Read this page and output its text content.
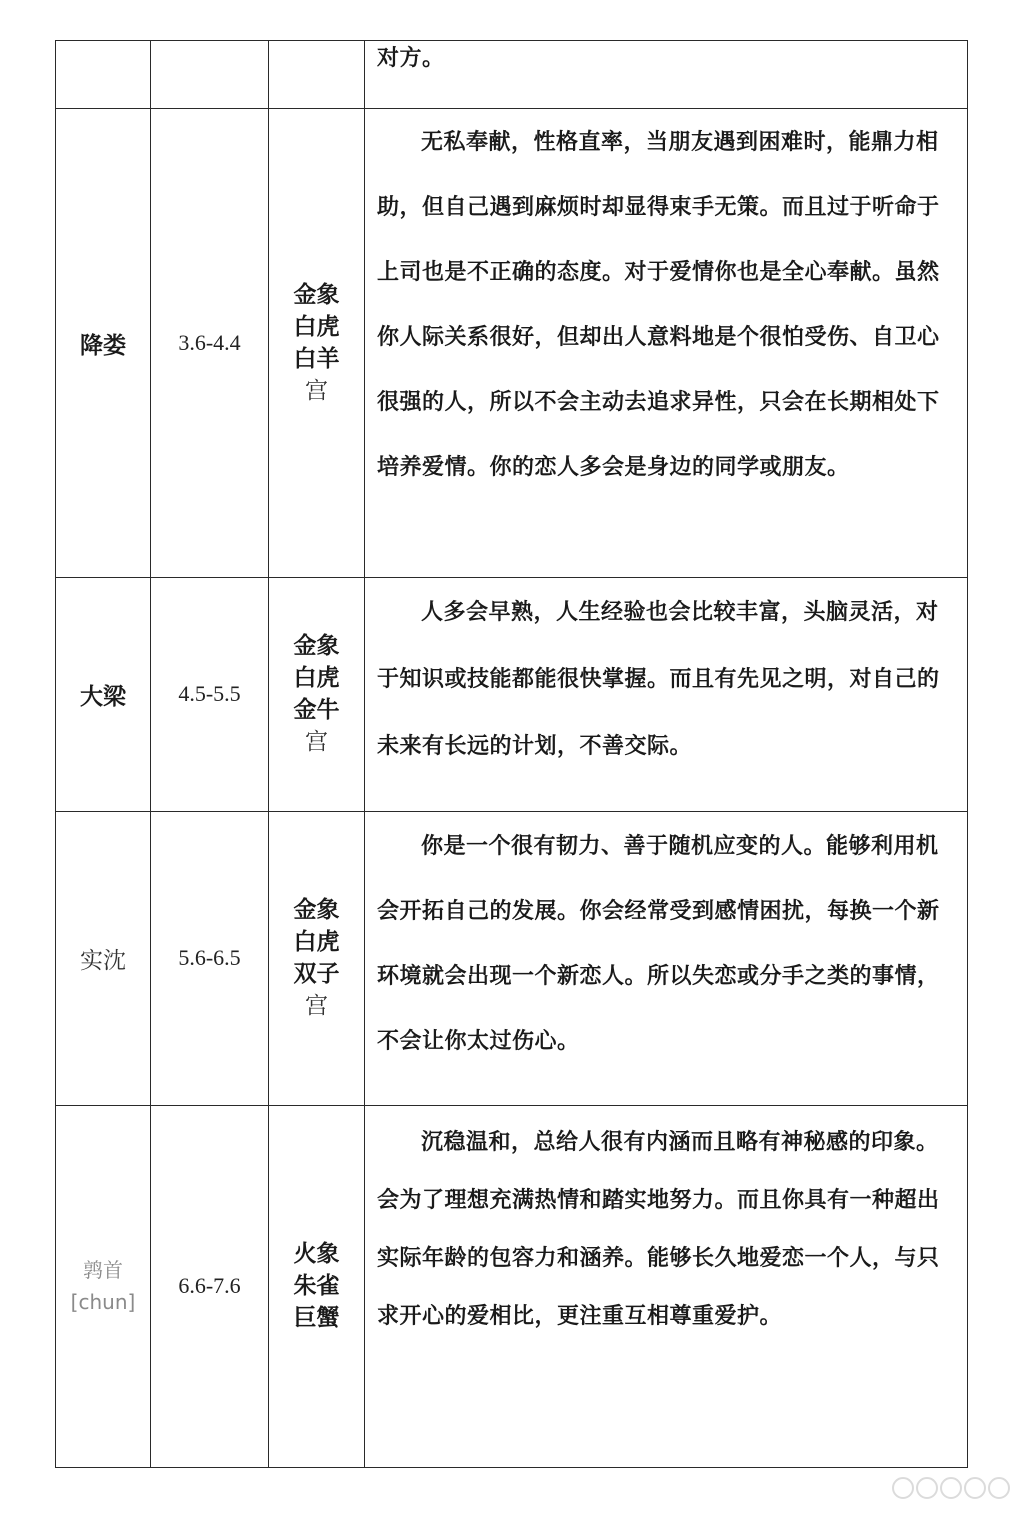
			对方。

降娄	3.6-4.4	金象
白虎
白羊
宫	无私奉献，性格直率，当朋友遇到困难时，能鼎力相助，但自己遇到麻烦时却显得束手无策。而且过于听命于上司也是不正确的态度。对于爱情你也是全心奉献。虽然你人际关系很好，但却出人意料地是个很怕受伤、自卫心很强的人，所以不会主动去追求异性，只会在长期相处下培养爱情。你的恋人多会是身边的同学或朋友。

大梁	4.5-5.5	金象
白虎
金牛
宫	人多会早熟，人生经验也会比较丰富，头脑灵活，对于知识或技能都能很快掌握。而且有先见之明，对自己的未来有长远的计划，不善交际。

实沈	5.6-6.5	金象
白虎
双子
宫	你是一个很有韧力、善于随机应变的人。能够利用机会开拓自己的发展。你会经常受到感情困扰，每换一个新环境就会出现一个新恋人。所以失恋或分手之类的事情，不会让你太过伤心。

鹑首
[chun]	6.6-7.6	火象
朱雀
巨蟹	沉稳温和，总给人很有内涵而且略有神秘感的印象。会为了理想充满热情和踏实地努力。而且你具有一种超出实际年龄的包容力和涵养。能够长久地爱恋一个人，与只求开心的爱相比，更注重互相尊重爱护。
